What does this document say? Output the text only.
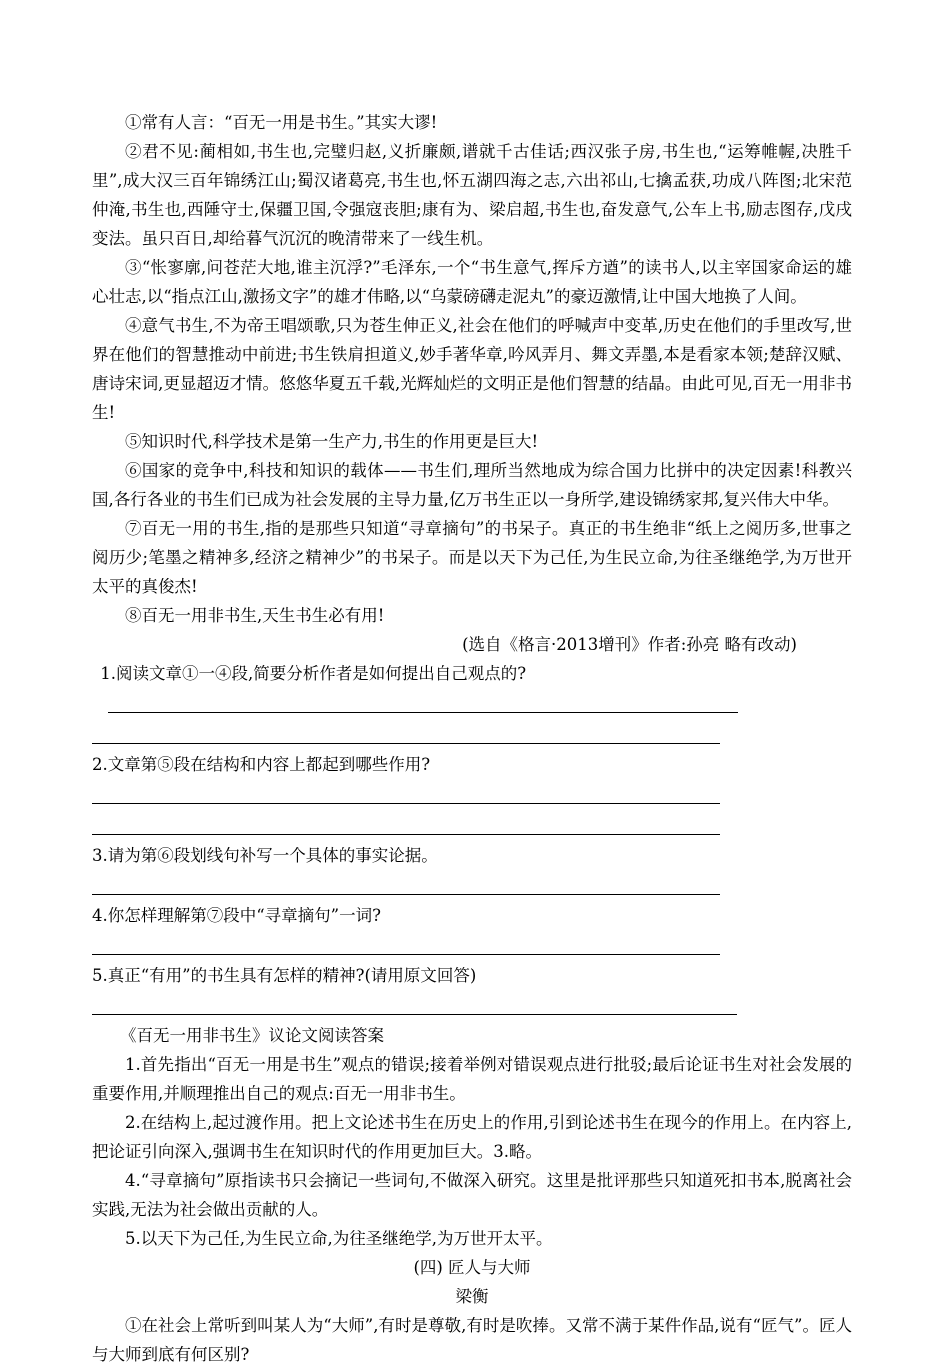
①常有人言：“百无一用是书生。”其实大谬!

②君不见:蔺相如,书生也,完璧归赵,义折廉颇,谱就千古佳话;西汉张子房,书生也,“运筹帷幄,决胜千里”,成大汉三百年锦绣江山;蜀汉诸葛亮,书生也,怀五湖四海之志,六出祁山,七擒孟获,功成八阵图;北宋范仲淹,书生也,西陲守士,保疆卫国,令强寇丧胆;康有为、梁启超,书生也,奋发意气,公车上书,励志图存,戊戌变法。虽只百日,却给暮气沉沉的晚清带来了一线生机。

③“怅寥廓,问苍茫大地,谁主沉浮?”毛泽东,一个“书生意气,挥斥方遒”的读书人,以主宰国家命运的雄心壮志,以“指点江山,激扬文字”的雄才伟略,以“乌蒙磅礴走泥丸”的豪迈激情,让中国大地换了人间。

④意气书生,不为帝王唱颂歌,只为苍生伸正义,社会在他们的呼喊声中变革,历史在他们的手里改写,世界在他们的智慧推动中前进;书生铁肩担道义,妙手著华章,吟风弄月、舞文弄墨,本是看家本领;楚辞汉赋、唐诗宋词,更显超迈才情。悠悠华夏五千载,光辉灿烂的文明正是他们智慧的结晶。由此可见,百无一用非书生!

⑤知识时代,科学技术是第一生产力,书生的作用更是巨大!

⑥国家的竞争中,科技和知识的载体——书生们,理所当然地成为综合国力比拼中的决定因素!科教兴国,各行各业的书生们已成为社会发展的主导力量,亿万书生正以一身所学,建设锦绣家邦,复兴伟大中华。

⑦百无一用的书生,指的是那些只知道“寻章摘句”的书呆子。真正的书生绝非“纸上之阅历多,世事之阅历少;笔墨之精神多,经济之精神少”的书呆子。而是以天下为己任,为生民立命,为往圣继绝学,为万世开太平的真俊杰!

⑧百无一用非书生,天生书生必有用!

(选自《格言·2013增刊》作者:孙亮 略有改动)

1.阅读文章①一④段,简要分析作者是如何提出自己观点的?

2.文章第⑤段在结构和内容上都起到哪些作用?

3.请为第⑥段划线句补写一个具体的事实论据。

4.你怎样理解第⑦段中“寻章摘句”一词?

5.真正“有用”的书生具有怎样的精神?(请用原文回答)

《百无一用非书生》议论文阅读答案

1.首先指出“百无一用是书生”观点的错误;接着举例对错误观点进行批驳;最后论证书生对社会发展的重要作用,并顺理推出自己的观点:百无一用非书生。

2.在结构上,起过渡作用。把上文论述书生在历史上的作用,引到论述书生在现今的作用上。在内容上,把论证引向深入,强调书生在知识时代的作用更加巨大。3.略。

4.“寻章摘句”原指读书只会摘记一些词句,不做深入研究。这里是批评那些只知道死扣书本,脱离社会实践,无法为社会做出贡献的人。

5.以天下为己任,为生民立命,为往圣继绝学,为万世开太平。

(四) 匠人与大师

梁衡

①在社会上常听到叫某人为“大师”,有时是尊敬,有时是吹捧。又常不满于某件作品,说有“匠气”。匠人与大师到底有何区别?
